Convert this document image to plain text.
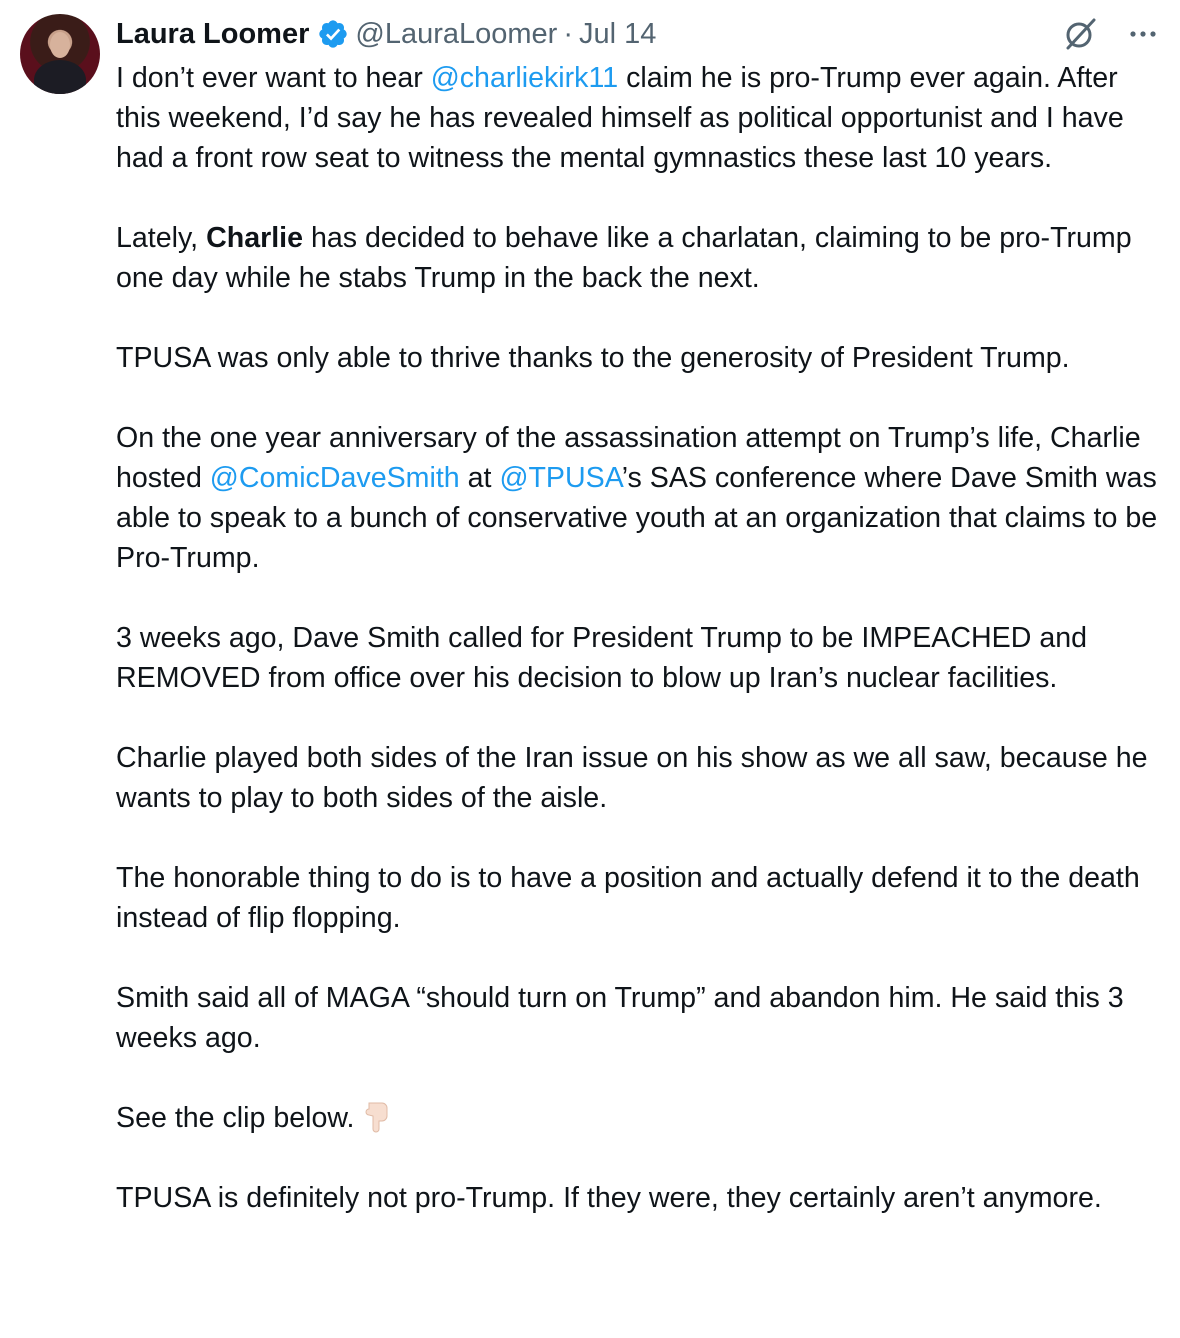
Laura Loomer @LauraLoomer · Jul 14

I don’t ever want to hear @charliekirk11 claim he is pro-Trump ever again. After this weekend, I’d say he has revealed himself as political opportunist and I have had a front row seat to witness the mental gymnastics these last 10 years.

Lately, Charlie has decided to behave like a charlatan, claiming to be pro-Trump one day while he stabs Trump in the back the next.

TPUSA was only able to thrive thanks to the generosity of President Trump.

On the one year anniversary of the assassination attempt on Trump’s life, Charlie hosted @ComicDaveSmith at @TPUSA’s SAS conference where Dave Smith was able to speak to a bunch of conservative youth at an organization that claims to be Pro-Trump.

3 weeks ago, Dave Smith called for President Trump to be IMPEACHED and REMOVED from office over his decision to blow up Iran’s nuclear facilities.

Charlie played both sides of the Iran issue on his show as we all saw, because he wants to play to both sides of the aisle.

The honorable thing to do is to have a position and actually defend it to the death instead of flip flopping.

Smith said all of MAGA “should turn on Trump” and abandon him. He said this 3 weeks ago.

See the clip below.

TPUSA is definitely not pro-Trump. If they were, they certainly aren’t anymore.
